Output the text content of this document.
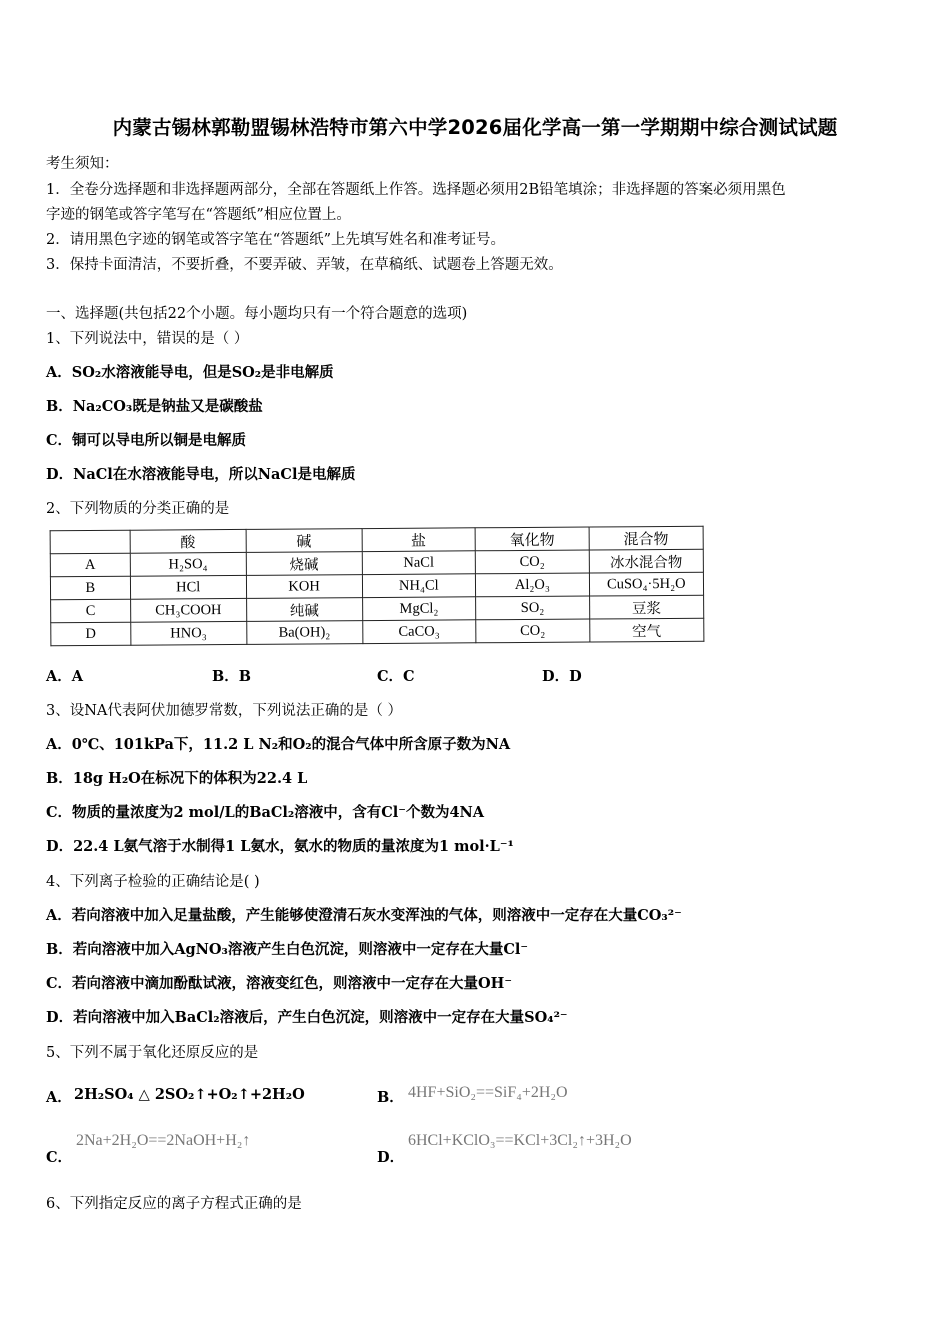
内蒙古锡林郭勒盟锡林浩特市第六中学2026届化学高一第一学期期中综合测试试题
考生须知：
1．全卷分选择题和非选择题两部分，全部在答题纸上作答。选择题必须用2B铅笔填涂；非选择题的答案必须用黑色
字迹的钢笔或答字笔写在“答题纸”相应位置上。
2．请用黑色字迹的钢笔或答字笔在“答题纸”上先填写姓名和准考证号。
3．保持卡面清洁，不要折叠，不要弄破、弄皱，在草稿纸、试题卷上答题无效。
一、选择题(共包括22个小题。每小题均只有一个符合题意的选项)
1、下列说法中，错误的是（ ）
A．SO₂水溶液能导电，但是SO₂是非电解质
B．Na₂CO₃既是钠盐又是碳酸盐
C．铜可以导电所以铜是电解质
D．NaCl在水溶液能导电，所以NaCl是电解质
2、下列物质的分类正确的是
	酸	碱	盐	氧化物	混合物
A	H₂SO₄	烧碱	NaCl	CO₂	冰水混合物
B	HCl	KOH	NH₄Cl	Al₂O₃	CuSO₄·5H₂O
C	CH₃COOH	纯碱	MgCl₂	SO₂	豆浆
D	HNO₃	Ba(OH)₂	CaCO₃	CO₂	空气
A．A	B．B	C．C	D．D
3、设NA代表阿伏加德罗常数，下列说法正确的是（ ）
A．0℃、101kPa下，11.2 L N₂和O₂的混合气体中所含原子数为NA
B．18g H₂O在标况下的体积为22.4 L
C．物质的量浓度为2 mol/L的BaCl₂溶液中，含有Cl⁻个数为4NA
D．22.4 L氨气溶于水制得1 L氨水，氨水的物质的量浓度为1 mol·L⁻¹
4、下列离子检验的正确结论是( )
A．若向溶液中加入足量盐酸，产生能够使澄清石灰水变浑浊的气体，则溶液中一定存在大量CO₃²⁻
B．若向溶液中加入AgNO₃溶液产生白色沉淀，则溶液中一定存在大量Cl⁻
C．若向溶液中滴加酚酞试液，溶液变红色，则溶液中一定存在大量OH⁻
D．若向溶液中加入BaCl₂溶液后，产生白色沉淀，则溶液中一定存在大量SO₄²⁻
5、下列不属于氧化还原反应的是
A． 2H₂SO₄ △ 2SO₂↑+O₂↑+2H₂O	B． 4HF+SiO₂==SiF₄+2H₂O
C．
2Na+2H₂O==2NaOH+H₂↑
D．
6HCl+KClO₃==KCl+3Cl₂↑+3H₂O
6、下列指定反应的离子方程式正确的是
